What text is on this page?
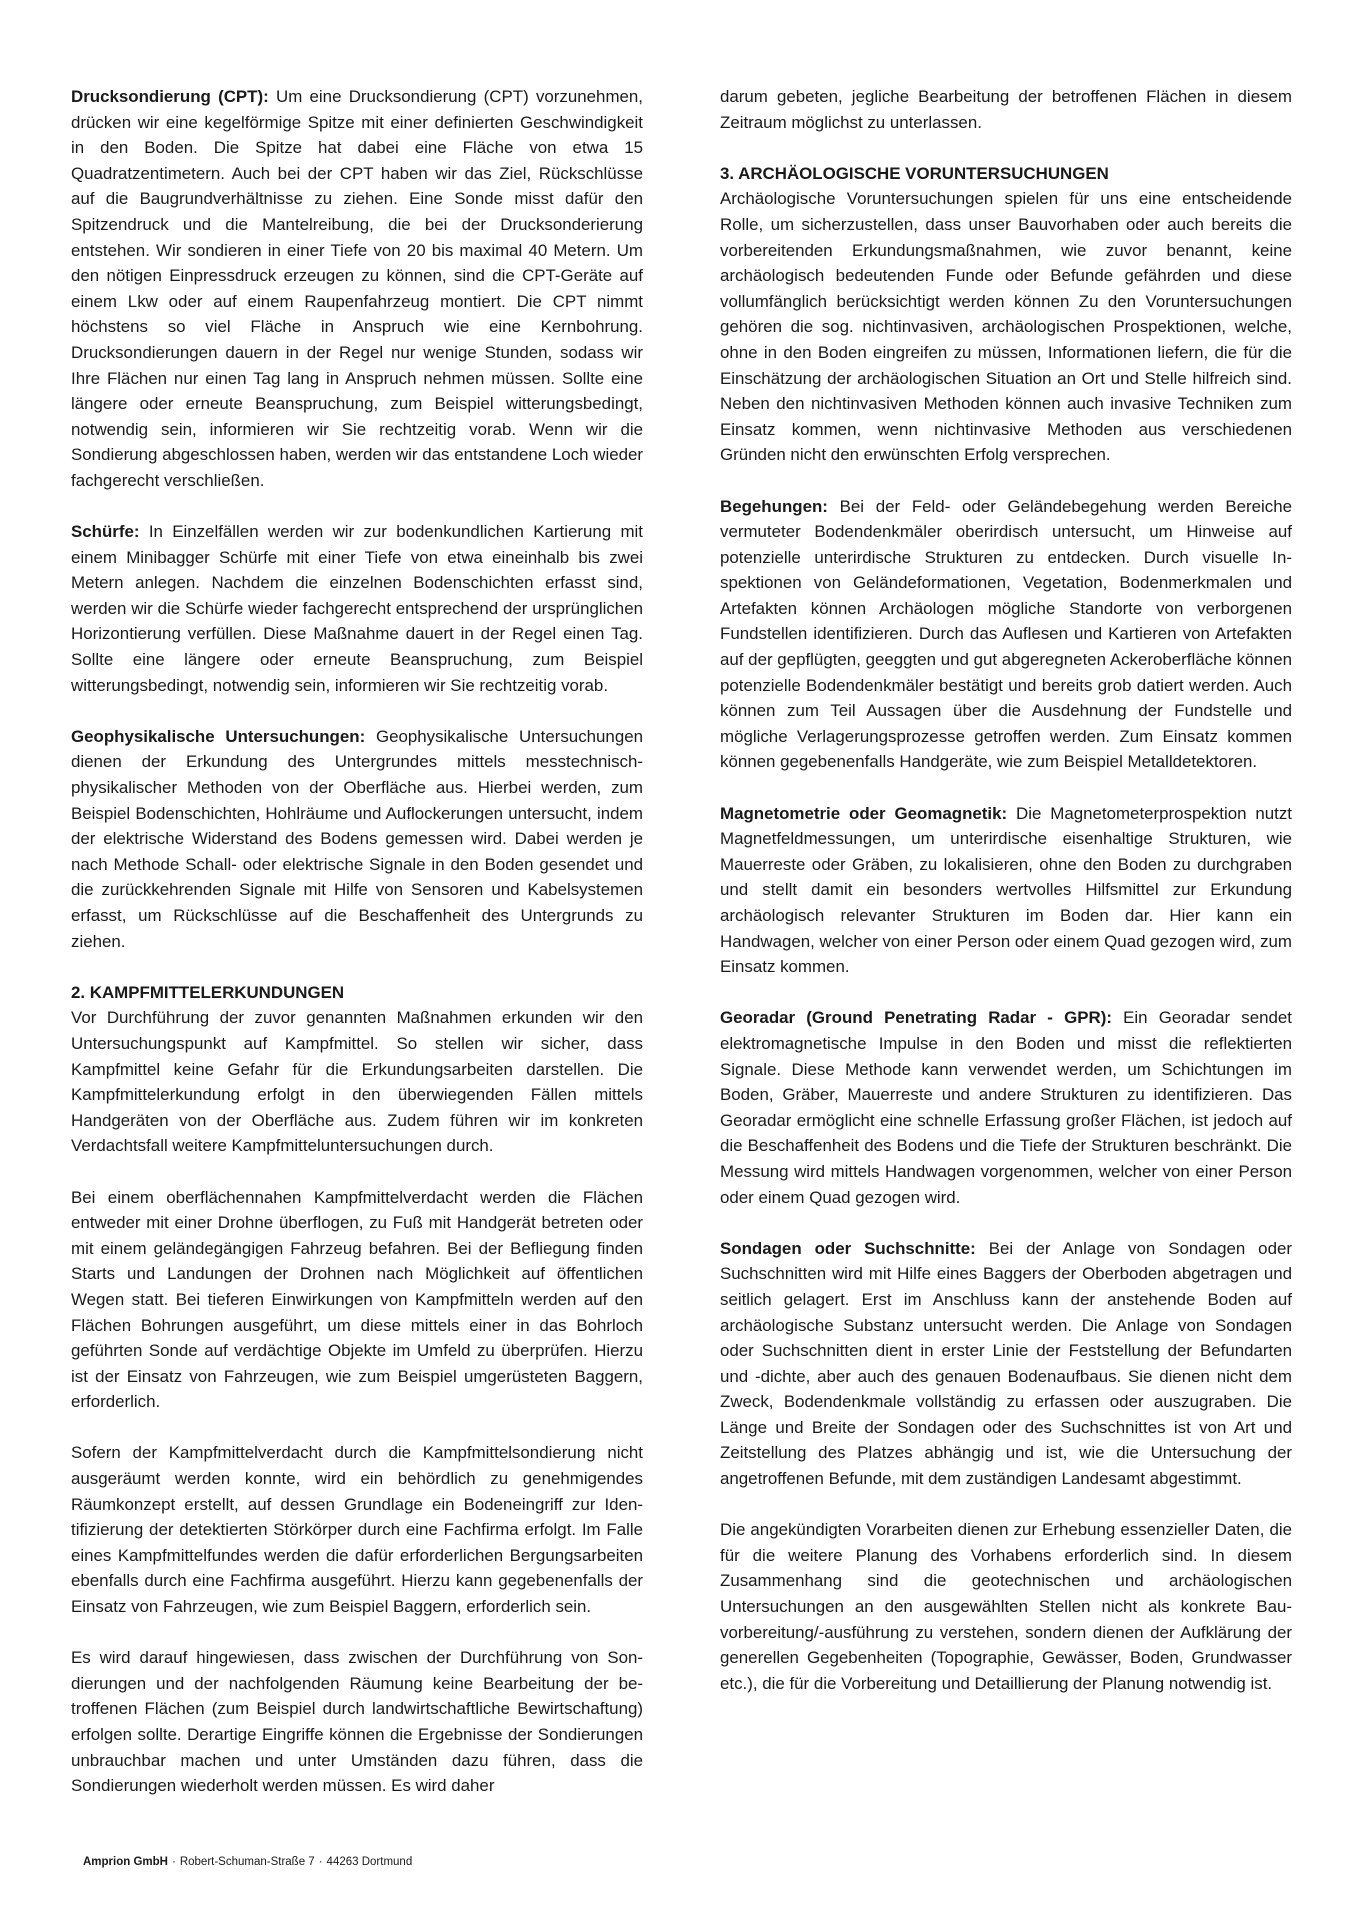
Drucksondierung (CPT): Um eine Drucksondierung (CPT) vorzunehmen, drücken wir eine kegelförmige Spitze mit einer definierten Geschwindigkeit in den Boden. Die Spitze hat dabei eine Fläche von etwa 15 Quadratzentimetern. Auch bei der CPT haben wir das Ziel, Rückschlüsse auf die Baugrundverhältnisse zu ziehen. Eine Sonde misst dafür den Spitzendruck und die Mantelreibung, die bei der Drucksonderierung entstehen. Wir sondieren in einer Tiefe von 20 bis maximal 40 Metern. Um den nötigen Einpressdruck erzeugen zu können, sind die CPT-Geräte auf einem Lkw oder auf einem Raupenfahrzeug montiert. Die CPT nimmt höchstens so viel Fläche in Anspruch wie eine Kernbohrung. Drucksondierungen dauern in der Regel nur wenige Stunden, sodass wir Ihre Flächen nur einen Tag lang in Anspruch nehmen müssen. Sollte eine längere oder erneute Beanspruchung, zum Beispiel witterungsbedingt, notwendig sein, informieren wir Sie rechtzeitig vorab. Wenn wir die Sondierung abgeschlossen haben, werden wir das entstandene Loch wieder fachgerecht verschließen.

Schürfe: In Einzelfällen werden wir zur bodenkundlichen Kartierung mit einem Minibagger Schürfe mit einer Tiefe von etwa eineinhalb bis zwei Metern anlegen. Nachdem die einzelnen Bodenschichten erfasst sind, werden wir die Schürfe wieder fachgerecht entsprechend der ursprünglichen Horizontierung verfüllen. Diese Maßnahme dauert in der Regel einen Tag. Sollte eine längere oder erneute Beanspruchung, zum Beispiel witterungsbedingt, notwendig sein, informieren wir Sie rechtzeitig vorab.

Geophysikalische Untersuchungen: Geophysikalische Untersuchungen dienen der Erkundung des Untergrundes mittels messtechnisch-physikalischer Methoden von der Oberfläche aus. Hierbei werden, zum Beispiel Bodenschichten, Hohlräume und Auflockerungen untersucht, indem der elektrische Widerstand des Bodens gemessen wird. Dabei werden je nach Methode Schall- oder elektrische Signale in den Boden gesendet und die zurückkehrenden Signale mit Hilfe von Sensoren und Kabelsystemen erfasst, um Rückschlüsse auf die Beschaffenheit des Untergrunds zu ziehen.

2. KAMPFMITTELERKUNDUNGEN

Vor Durchführung der zuvor genannten Maßnahmen erkunden wir den Untersuchungspunkt auf Kampfmittel. So stellen wir sicher, dass Kampfmittel keine Gefahr für die Erkundungsarbeiten darstellen. Die Kampfmittelerkundung erfolgt in den überwiegenden Fällen mittels Handgeräten von der Oberfläche aus. Zudem führen wir im konkreten Verdachtsfall weitere Kampfmitteluntersuchungen durch.

Bei einem oberflächennahen Kampfmittelverdacht werden die Flächen entweder mit einer Drohne überflogen, zu Fuß mit Handgerät betreten oder mit einem geländegängigen Fahrzeug befahren. Bei der Befliegung finden Starts und Landungen der Drohnen nach Möglichkeit auf öffentlichen Wegen statt. Bei tieferen Einwirkungen von Kampfmitteln werden auf den Flächen Bohrungen ausgeführt, um diese mittels einer in das Bohrloch geführten Sonde auf verdächtige Objekte im Umfeld zu überprüfen. Hierzu ist der Einsatz von Fahrzeugen, wie zum Beispiel umgerüsteten Baggern, erforderlich.

Sofern der Kampfmittelverdacht durch die Kampfmittelsondierung nicht ausgeräumt werden konnte, wird ein behördlich zu genehmigendes Räumkonzept erstellt, auf dessen Grundlage ein Bodeneingriff zur Identifizierung der detektierten Störkörper durch eine Fachfirma erfolgt. Im Falle eines Kampfmittelfundes werden die dafür erforderlichen Bergungsarbeiten ebenfalls durch eine Fachfirma ausgeführt. Hierzu kann gegebenenfalls der Einsatz von Fahrzeugen, wie zum Beispiel Baggern, erforderlich sein.

Es wird darauf hingewiesen, dass zwischen der Durchführung von Sondierungen und der nachfolgenden Räumung keine Bearbeitung der betroffenen Flächen (zum Beispiel durch landwirtschaftliche Bewirtschaftung) erfolgen sollte. Derartige Eingriffe können die Ergebnisse der Sondierungen unbrauchbar machen und unter Umständen dazu führen, dass die Sondierungen wiederholt werden müssen. Es wird daher

darum gebeten, jegliche Bearbeitung der betroffenen Flächen in diesem Zeitraum möglichst zu unterlassen.

3. ARCHÄOLOGISCHE VORUNTERSUCHUNGEN

Archäologische Voruntersuchungen spielen für uns eine entscheidende Rolle, um sicherzustellen, dass unser Bauvorhaben oder auch bereits die vorbereitenden Erkundungsmaßnahmen, wie zuvor benannt, keine archäologisch bedeutenden Funde oder Befunde gefährden und diese vollumfänglich berücksichtigt werden können Zu den Voruntersuchungen gehören die sog. nichtinvasiven, archäologischen Prospektionen, welche, ohne in den Boden eingreifen zu müssen, Informationen liefern, die für die Einschätzung der archäologischen Situation an Ort und Stelle hilfreich sind. Neben den nichtinvasiven Methoden können auch invasive Techniken zum Einsatz kommen, wenn nichtinvasive Methoden aus verschiedenen Gründen nicht den erwünschten Erfolg versprechen.

Begehungen: Bei der Feld- oder Geländebegehung werden Bereiche vermuteter Bodendenkmäler oberirdisch untersucht, um Hinweise auf potenzielle unterirdische Strukturen zu entdecken. Durch visuelle Inspektionen von Geländeformationen, Vegetation, Bodenmerkmalen und Artefakten können Archäologen mögliche Standorte von verborgenen Fundstellen identifizieren. Durch das Auflesen und Kartieren von Artefakten auf der gepflügten, geeggten und gut abgeregneten Ackeroberfläche können potenzielle Bodendenkmäler bestätigt und bereits grob datiert werden. Auch können zum Teil Aussagen über die Ausdehnung der Fundstelle und mögliche Verlagerungsprozesse getroffen werden. Zum Einsatz kommen können gegebenenfalls Handgeräte, wie zum Beispiel Metalldetektoren.

Magnetometrie oder Geomagnetik: Die Magnetometerprospektion nutzt Magnetfeldmessungen, um unterirdische eisenhaltige Strukturen, wie Mauerreste oder Gräben, zu lokalisieren, ohne den Boden zu durchgraben und stellt damit ein besonders wertvolles Hilfsmittel zur Erkundung archäologisch relevanter Strukturen im Boden dar. Hier kann ein Handwagen, welcher von einer Person oder einem Quad gezogen wird, zum Einsatz kommen.

Georadar (Ground Penetrating Radar - GPR): Ein Georadar sendet elektromagnetische Impulse in den Boden und misst die reflektierten Signale. Diese Methode kann verwendet werden, um Schichtungen im Boden, Gräber, Mauerreste und andere Strukturen zu identifizieren. Das Georadar ermöglicht eine schnelle Erfassung großer Flächen, ist jedoch auf die Beschaffenheit des Bodens und die Tiefe der Strukturen beschränkt. Die Messung wird mittels Handwagen vorgenommen, welcher von einer Person oder einem Quad gezogen wird.

Sondagen oder Suchschnitte: Bei der Anlage von Sondagen oder Suchschnitten wird mit Hilfe eines Baggers der Oberboden abgetragen und seitlich gelagert. Erst im Anschluss kann der anstehende Boden auf archäologische Substanz untersucht werden. Die Anlage von Sondagen oder Suchschnitten dient in erster Linie der Feststellung der Befundarten und -dichte, aber auch des genauen Bodenaufbaus. Sie dienen nicht dem Zweck, Bodendenkmale vollständig zu erfassen oder auszugraben. Die Länge und Breite der Sondagen oder des Suchschnittes ist von Art und Zeitstellung des Platzes abhängig und ist, wie die Untersuchung der angetroffenen Befunde, mit dem zuständigen Landesamt abgestimmt.

Die angekündigten Vorarbeiten dienen zur Erhebung essenzieller Daten, die für die weitere Planung des Vorhabens erforderlich sind. In diesem Zusammenhang sind die geotechnischen und archäologischen Untersuchungen an den ausgewählten Stellen nicht als konkrete Bauvorbereitung/-ausführung zu verstehen, sondern dienen der Aufklärung der generellen Gegebenheiten (Topographie, Gewässer, Boden, Grundwasser etc.), die für die Vorbereitung und Detaillierung der Planung notwendig ist.

Amprion GmbH · Robert-Schuman-Straße 7 · 44263 Dortmund
